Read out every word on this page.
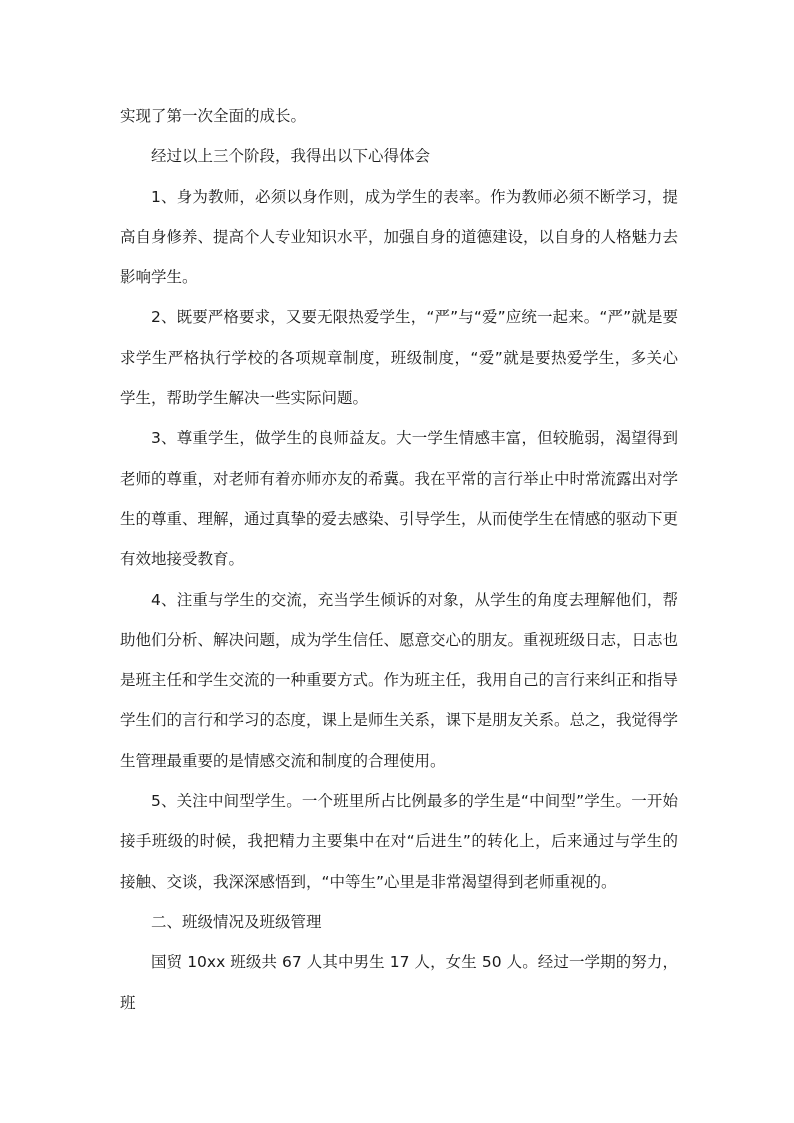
实现了第一次全面的成长。

经过以上三个阶段，我得出以下心得体会

1、身为教师，必须以身作则，成为学生的表率。作为教师必须不断学习，提高自身修养、提高个人专业知识水平，加强自身的道德建设，以自身的人格魅力去影响学生。

2、既要严格要求，又要无限热爱学生，“严”与“爱”应统一起来。“严”就是要求学生严格执行学校的各项规章制度，班级制度，“爱”就是要热爱学生，多关心学生，帮助学生解决一些实际问题。

3、尊重学生，做学生的良师益友。大一学生情感丰富，但较脆弱，渴望得到老师的尊重，对老师有着亦师亦友的希冀。我在平常的言行举止中时常流露出对学生的尊重、理解，通过真挚的爱去感染、引导学生，从而使学生在情感的驱动下更有效地接受教育。

4、注重与学生的交流，充当学生倾诉的对象，从学生的角度去理解他们，帮助他们分析、解决问题，成为学生信任、愿意交心的朋友。重视班级日志，日志也是班主任和学生交流的一种重要方式。作为班主任，我用自己的言行来纠正和指导学生们的言行和学习的态度，课上是师生关系，课下是朋友关系。总之，我觉得学生管理最重要的是情感交流和制度的合理使用。

5、关注中间型学生。一个班里所占比例最多的学生是“中间型”学生。一开始接手班级的时候，我把精力主要集中在对“后进生”的转化上，后来通过与学生的接触、交谈，我深深感悟到，“中等生”心里是非常渴望得到老师重视的。

二、班级情况及班级管理

国贸 10xx 班级共 67 人其中男生 17 人，女生 50 人。经过一学期的努力，班
